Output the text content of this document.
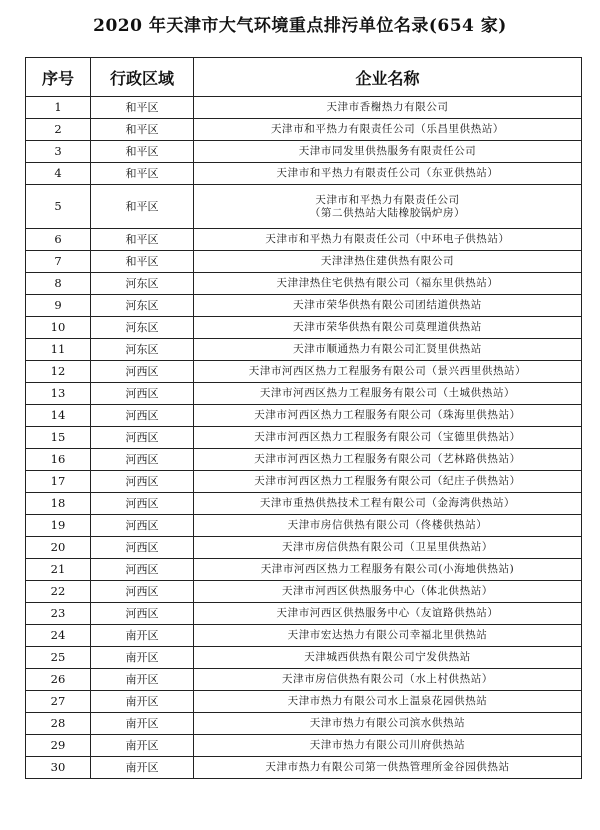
2020 年天津市大气环境重点排污单位名录(654 家)
序号	行政区域	企业名称
1	和平区	天津市香榭热力有限公司

2	和平区	天津市和平热力有限责任公司（乐昌里供热站）

3	和平区	天津市同发里供热服务有限责任公司

4	和平区	天津市和平热力有限责任公司（东亚供热站）

5	和平区	天津市和平热力有限责任公司
（第二供热站大陆橡胶锅炉房）

6	和平区	天津市和平热力有限责任公司（中环电子供热站）

7	和平区	天津津热住建供热有限公司

8	河东区	天津津热住宅供热有限公司（福东里供热站）

9	河东区	天津市荣华供热有限公司团结道供热站

10	河东区	天津市荣华供热有限公司莫理道供热站

11	河东区	天津市顺通热力有限公司汇贤里供热站

12	河西区	天津市河西区热力工程服务有限公司（景兴西里供热站）

13	河西区	天津市河西区热力工程服务有限公司（土城供热站）

14	河西区	天津市河西区热力工程服务有限公司（珠海里供热站）

15	河西区	天津市河西区热力工程服务有限公司（宝德里供热站）

16	河西区	天津市河西区热力工程服务有限公司（艺林路供热站）

17	河西区	天津市河西区热力工程服务有限公司（纪庄子供热站）

18	河西区	天津市重热供热技术工程有限公司（金海湾供热站）

19	河西区	天津市房信供热有限公司（佟楼供热站）

20	河西区	天津市房信供热有限公司（卫星里供热站）

21	河西区	天津市河西区热力工程服务有限公司(小海地供热站)

22	河西区	天津市河西区供热服务中心（体北供热站）

23	河西区	天津市河西区供热服务中心（友谊路供热站）

24	南开区	天津市宏达热力有限公司幸福北里供热站

25	南开区	天津城西供热有限公司宁发供热站

26	南开区	天津市房信供热有限公司（水上村供热站）

27	南开区	天津市热力有限公司水上温泉花园供热站

28	南开区	天津市热力有限公司滨水供热站

29	南开区	天津市热力有限公司川府供热站

30	南开区	天津市热力有限公司第一供热管理所金谷园供热站
